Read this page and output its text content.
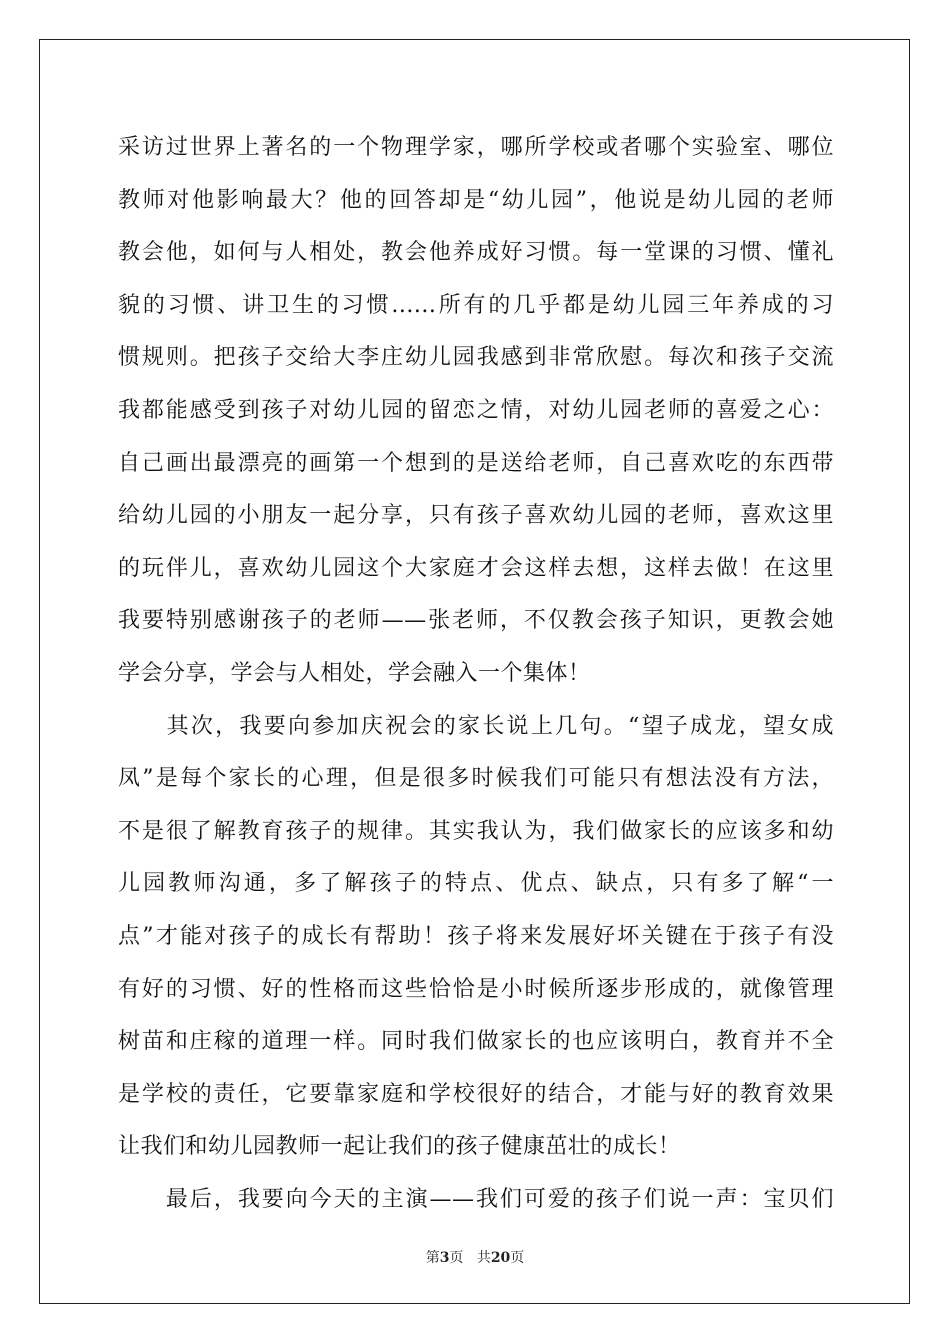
采访过世界上著名的一个物理学家，哪所学校或者哪个实验室、哪位
教师对他影响最大？他的回答却是“幼儿园”，他说是幼儿园的老师
教会他，如何与人相处，教会他养成好习惯。每一堂课的习惯、懂礼
貌的习惯、讲卫生的习惯......所有的几乎都是幼儿园三年养成的习
惯规则。把孩子交给大李庄幼儿园我感到非常欣慰。每次和孩子交流
我都能感受到孩子对幼儿园的留恋之情，对幼儿园老师的喜爱之心：
自己画出最漂亮的画第一个想到的是送给老师，自己喜欢吃的东西带
给幼儿园的小朋友一起分享，只有孩子喜欢幼儿园的老师，喜欢这里
的玩伴儿，喜欢幼儿园这个大家庭才会这样去想，这样去做！在这里
我要特别感谢孩子的老师——张老师，不仅教会孩子知识，更教会她
学会分享，学会与人相处，学会融入一个集体！
　　其次，我要向参加庆祝会的家长说上几句。“望子成龙，望女成
凤”是每个家长的心理，但是很多时候我们可能只有想法没有方法，
不是很了解教育孩子的规律。其实我认为，我们做家长的应该多和幼
儿园教师沟通，多了解孩子的特点、优点、缺点，只有多了解“一
点”才能对孩子的成长有帮助！孩子将来发展好坏关键在于孩子有没
有好的习惯、好的性格而这些恰恰是小时候所逐步形成的，就像管理
树苗和庄稼的道理一样。同时我们做家长的也应该明白，教育并不全
是学校的责任，它要靠家庭和学校很好的结合，才能与好的教育效果
让我们和幼儿园教师一起让我们的孩子健康茁壮的成长！
　　最后，我要向今天的主演——我们可爱的孩子们说一声：宝贝们
第3页 共20页
